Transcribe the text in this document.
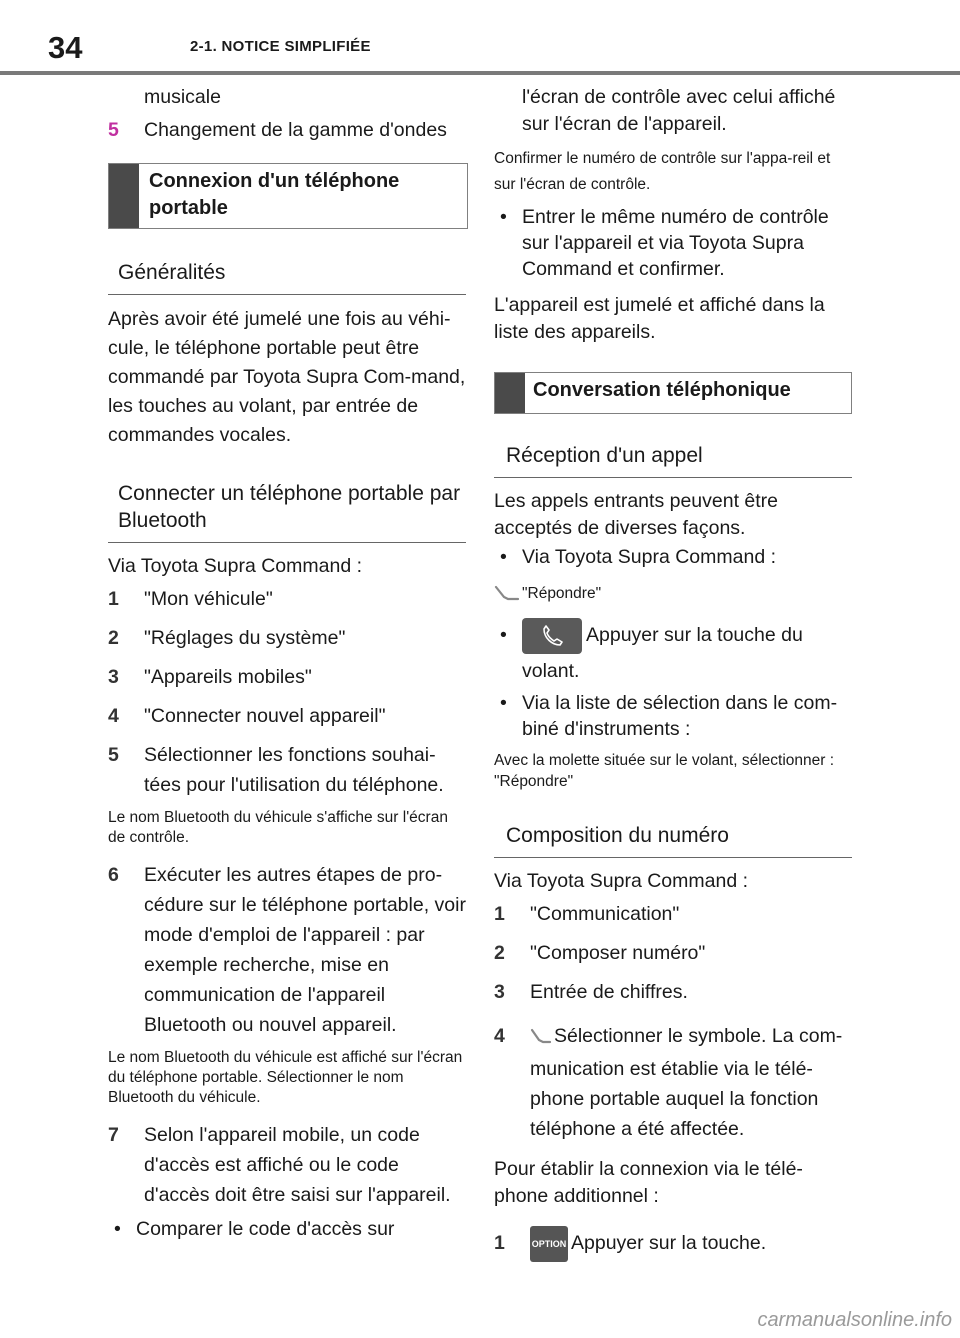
34	2-1. NOTICE SIMPLIFIÉE
musicale
5	Changement de la gamme d'ondes
Connexion d'un téléphone portable
Généralités
Après avoir été jumelé une fois au véhi-cule, le téléphone portable peut être commandé par Toyota Supra Com-mand, les touches au volant, par entrée de commandes vocales.
Connecter un téléphone portable par Bluetooth
Via Toyota Supra Command :
1	"Mon véhicule"
2	"Réglages du système"
3	"Appareils mobiles"
4	"Connecter nouvel appareil"
5	Sélectionner les fonctions souhai-tées pour l'utilisation du téléphone.
Le nom Bluetooth du véhicule s'affiche sur l'écran de contrôle.
6	Exécuter les autres étapes de pro-cédure sur le téléphone portable, voir mode d'emploi de l'appareil : par exemple recherche, mise en communication de l'appareil Bluetooth ou nouvel appareil.
Le nom Bluetooth du véhicule est affiché sur l'écran du téléphone portable. Sélectionner le nom Bluetooth du véhicule.
7	Selon l'appareil mobile, un code d'accès est affiché ou le code d'accès doit être saisi sur l'appareil.
• Comparer le code d'accès sur
l'écran de contrôle avec celui affiché sur l'écran de l'appareil.
Confirmer le numéro de contrôle sur l'appa-reil et sur l'écran de contrôle.
• Entrer le même numéro de contrôle sur l'appareil et via Toyota Supra Command et confirmer.
L'appareil est jumelé et affiché dans la liste des appareils.
Conversation téléphonique
Réception d'un appel
Les appels entrants peuvent être acceptés de diverses façons.
• Via Toyota Supra Command :
"Répondre"
•	Appuyer sur la touche du volant.
• Via la liste de sélection dans le com-biné d'instruments :
Avec la molette située sur le volant, sélectionner : "Répondre"
Composition du numéro
Via Toyota Supra Command :
1	"Communication"
2	"Composer numéro"
3	Entrée de chiffres.
4	Sélectionner le symbole. La com-munication est établie via le télé-phone portable auquel la fonction téléphone a été affectée.
Pour établir la connexion via le télé-phone additionnel :
1	OPTION Appuyer sur la touche.
carmanualsonline.info
